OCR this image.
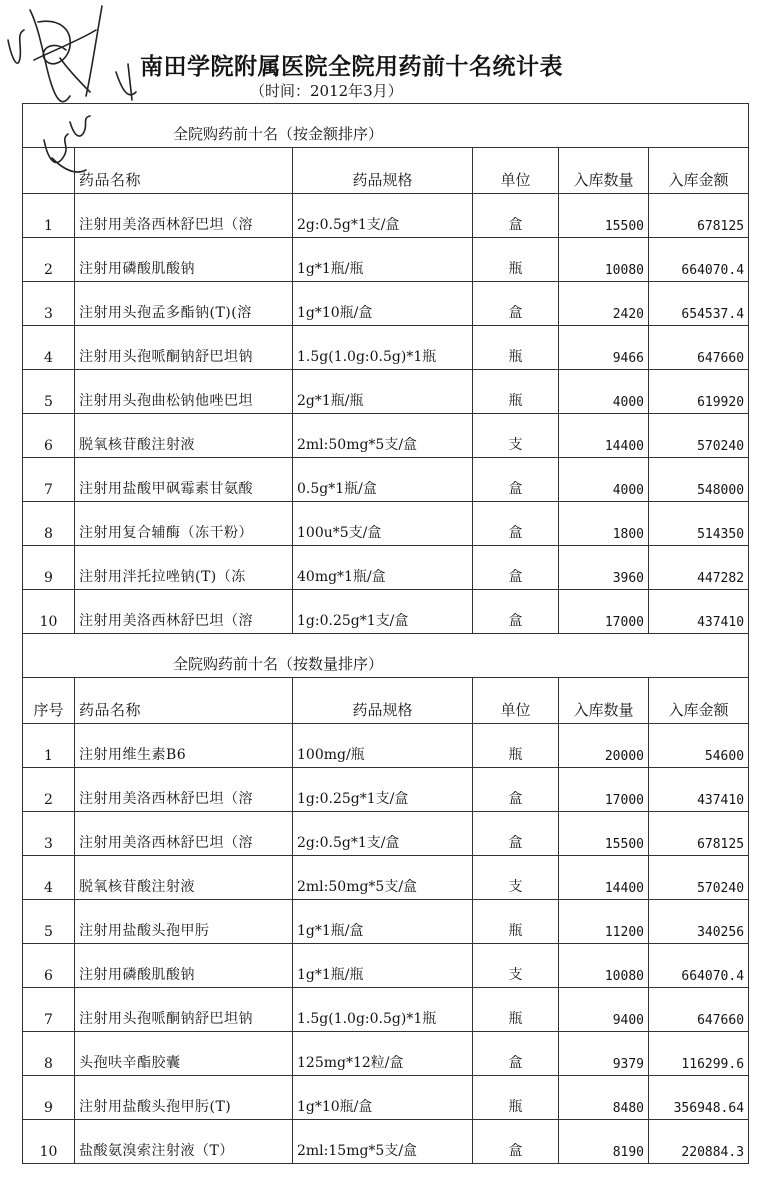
南田学院附属医院全院用药前十名统计表
（时间：2012年3月）
全院购药前十名（按金额排序）					
	药品名称	药品规格	单位	入库数量	入库金额
1	注射用美洛西林舒巴坦（溶	2g:0.5g*1支/盒	盒	15500	678125
2	注射用磷酸肌酸钠	1g*1瓶/瓶	瓶	10080	664070.4
3	注射用头孢孟多酯钠(T)(溶	1g*10瓶/盒	盒	2420	654537.4
4	注射用头孢哌酮钠舒巴坦钠	1.5g(1.0g:0.5g)*1瓶	瓶	9466	647660
5	注射用头孢曲松钠他唑巴坦	2g*1瓶/瓶	瓶	4000	619920
6	脱氧核苷酸注射液	2ml:50mg*5支/盒	支	14400	570240
7	注射用盐酸甲砜霉素甘氨酸	0.5g*1瓶/盒	盒	4000	548000
8	注射用复合辅酶（冻干粉）	100u*5支/盒	盒	1800	514350
9	注射用泮托拉唑钠(T)（冻	40mg*1瓶/盒	盒	3960	447282
10	注射用美洛西林舒巴坦（溶	1g:0.25g*1支/盒	盒	17000	437410
全院购药前十名（按数量排序）					
序号	药品名称	药品规格	单位	入库数量	入库金额
1	注射用维生素B6	100mg/瓶	瓶	20000	54600
2	注射用美洛西林舒巴坦（溶	1g:0.25g*1支/盒	盒	17000	437410
3	注射用美洛西林舒巴坦（溶	2g:0.5g*1支/盒	盒	15500	678125
4	脱氧核苷酸注射液	2ml:50mg*5支/盒	支	14400	570240
5	注射用盐酸头孢甲肟	1g*1瓶/盒	瓶	11200	340256
6	注射用磷酸肌酸钠	1g*1瓶/瓶	支	10080	664070.4
7	注射用头孢哌酮钠舒巴坦钠	1.5g(1.0g:0.5g)*1瓶	瓶	9400	647660
8	头孢呋辛酯胶囊	125mg*12粒/盒	盒	9379	116299.6
9	注射用盐酸头孢甲肟(T)	1g*10瓶/盒	瓶	8480	356948.64
10	盐酸氨溴索注射液（T）	2ml:15mg*5支/盒	盒	8190	220884.3
